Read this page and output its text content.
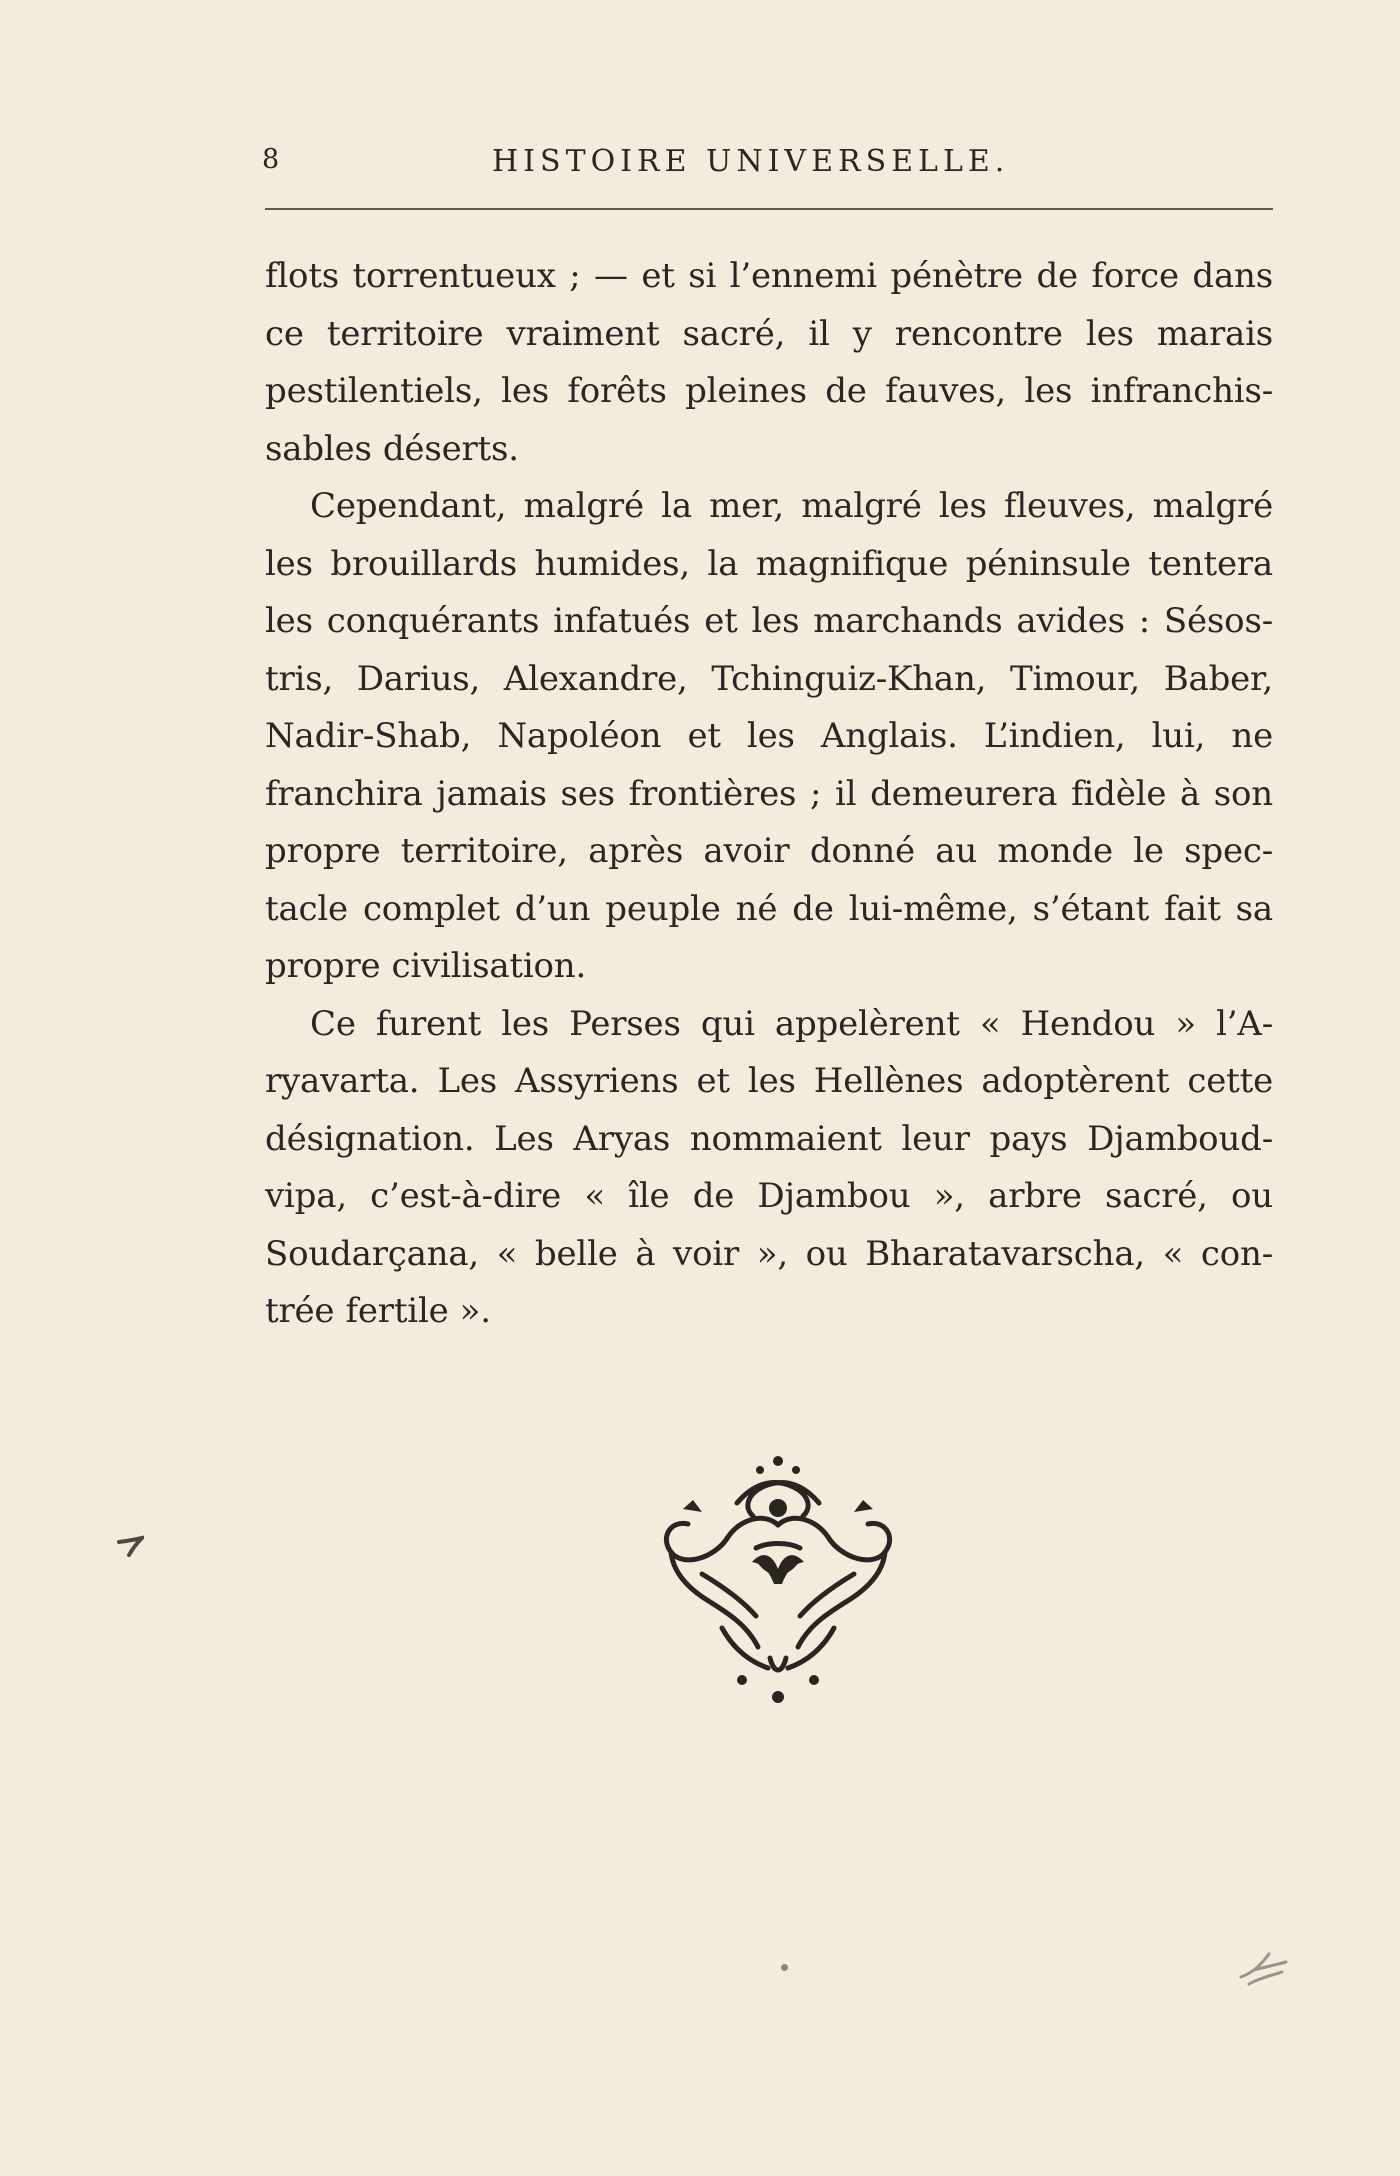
8	HISTOIRE UNIVERSELLE.

flots torrentueux ; — et si l’ennemi pénètre de force dans ce territoire vraiment sacré, il y rencontre les marais pestilentiels, les forêts pleines de fauves, les infranchis-sables déserts.

Cependant, malgré la mer, malgré les fleuves, malgré les brouillards humides, la magnifique péninsule tentera les conquérants infatués et les marchands avides : Sésos-tris, Darius, Alexandre, Tchinguiz-Khan, Timour, Baber, Nadir-Shab, Napoléon et les Anglais. L’indien, lui, ne franchira jamais ses frontières ; il demeurera fidèle à son propre territoire, après avoir donné au monde le spec-tacle complet d’un peuple né de lui-même, s’étant fait sa propre civilisation.

Ce furent les Perses qui appelèrent « Hendou » l’A-ryavarta. Les Assyriens et les Hellènes adoptèrent cette désignation. Les Aryas nommaient leur pays Djamboud-vipa, c’est-à-dire « île de Djambou », arbre sacré, ou Soudarçana, « belle à voir », ou Bharatavarscha, « con-trée fertile ».
